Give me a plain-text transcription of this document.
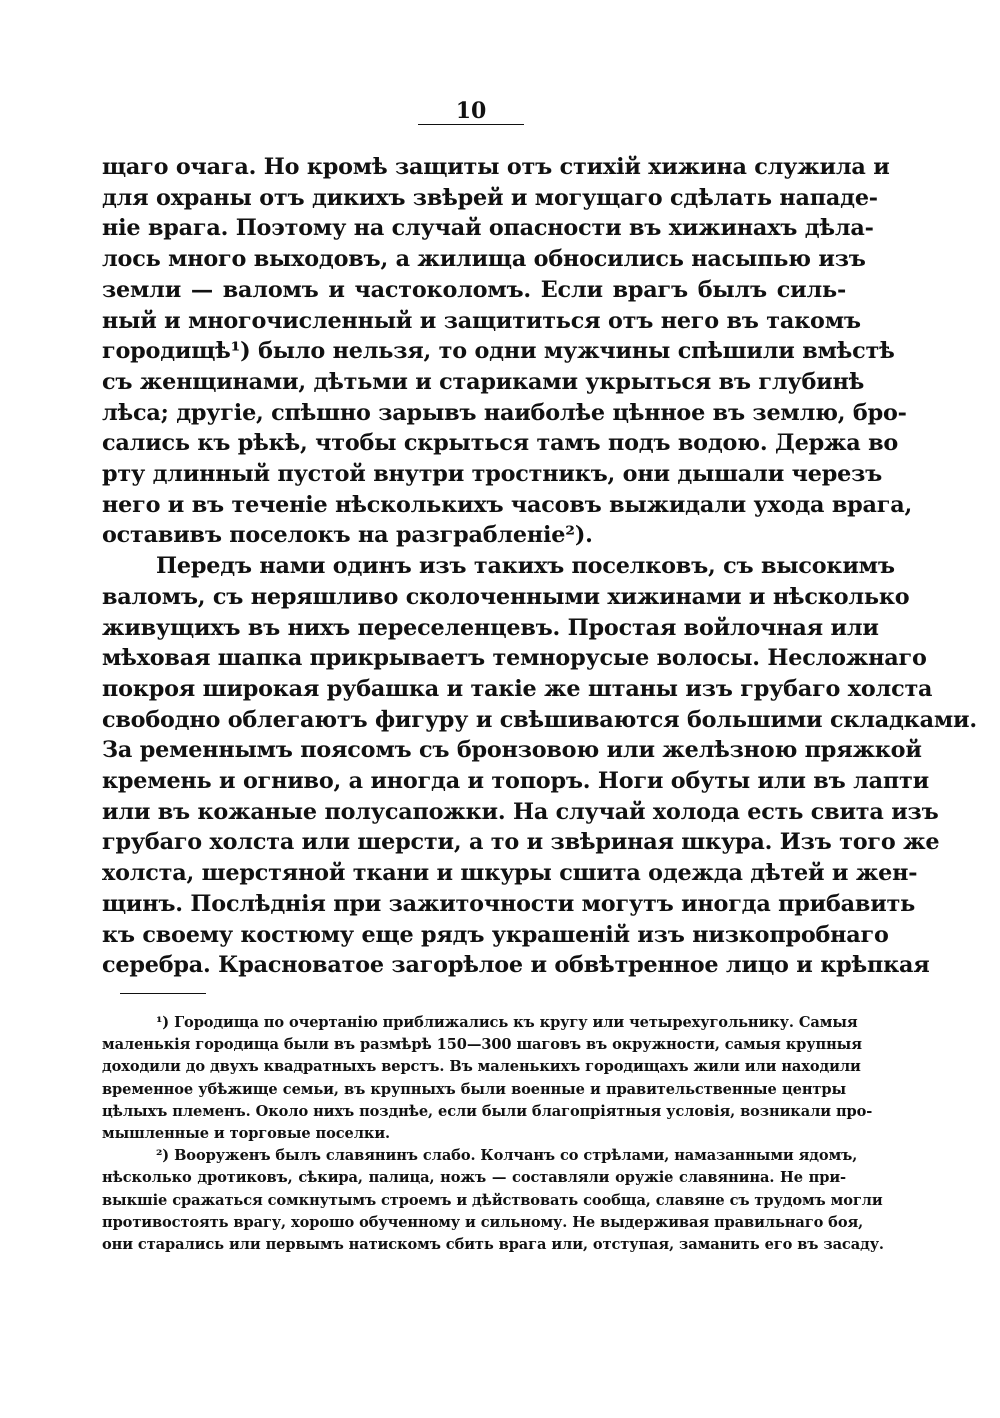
10
щаго очага. Но кромѣ защиты отъ стихiй хижина служила и
для охраны отъ дикихъ звѣрей и могущаго сдѣлать нападе-
нiе врага. Поэтому на случай опасности въ хижинахъ дѣла-
лось много выходовъ, а жилища обносились насыпью изъ
земли — валомъ и частоколомъ. Если врагъ былъ силь-
ный и многочисленный и защититься отъ него въ такомъ
городищѣ¹) было нельзя, то одни мужчины спѣшили вмѣстѣ
съ женщинами, дѣтьми и стариками укрыться въ глубинѣ
лѣса; другiе, спѣшно зарывъ наиболѣе цѣнное въ землю, бро-
сались къ рѣкѣ, чтобы скрыться тамъ подъ водою. Держа во
рту длинный пустой внутри тростникъ, они дышали черезъ
него и въ теченiе нѣсколькихъ часовъ выжидали ухода врага,
оставивъ поселокъ на разграбленiе²).
Передъ нами одинъ изъ такихъ поселковъ, съ высокимъ
валомъ, съ неряшливо сколоченными хижинами и нѣсколько
живущихъ въ нихъ переселенцевъ. Простая войлочная или
мѣховая шапка прикрываетъ темнорусые волосы. Несложнаго
покроя широкая рубашка и такiе же штаны изъ грубаго холста
свободно облегаютъ фигуру и свѣшиваются большими складками.
За ременнымъ поясомъ съ бронзовою или желѣзною пряжкой
кремень и огниво, а иногда и топоръ. Ноги обуты или въ лапти
или въ кожаные полусапожки. На случай холода есть свита изъ
грубаго холста или шерсти, а то и звѣриная шкура. Изъ того же
холста, шерстяной ткани и шкуры сшита одежда дѣтей и жен-
щинъ. Послѣднiя при зажиточности могутъ иногда прибавить
къ своему костюму еще рядъ украшенiй изъ низкопробнаго
серебра. Красноватое загорѣлое и обвѣтренное лицо и крѣпкая
¹) Городища по очертанiю приближались къ кругу или четырехугольнику. Самыя
маленькiя городища были въ размѣрѣ 150—300 шаговъ въ окружности, самыя крупныя
доходили до двухъ квадратныхъ верстъ. Въ маленькихъ городищахъ жили или находили
временное убѣжище семьи, въ крупныхъ были военные и правительственные центры
цѣлыхъ племенъ. Около нихъ позднѣе, если были благопрiятныя условiя, возникали про-
мышленные и торговые поселки.
²) Вооруженъ былъ славянинъ слабо. Колчанъ со стрѣлами, намазанными ядомъ,
нѣсколько дротиковъ, сѣкира, палица, ножъ — составляли оружiе славянина. Не при-
выкшiе сражаться сомкнутымъ строемъ и дѣйствовать сообща, славяне съ трудомъ могли
противостоять врагу, хорошо обученному и сильному. Не выдерживая правильнаго боя,
они старались или первымъ натискомъ сбить врага или, отступая, заманить его въ засаду.
